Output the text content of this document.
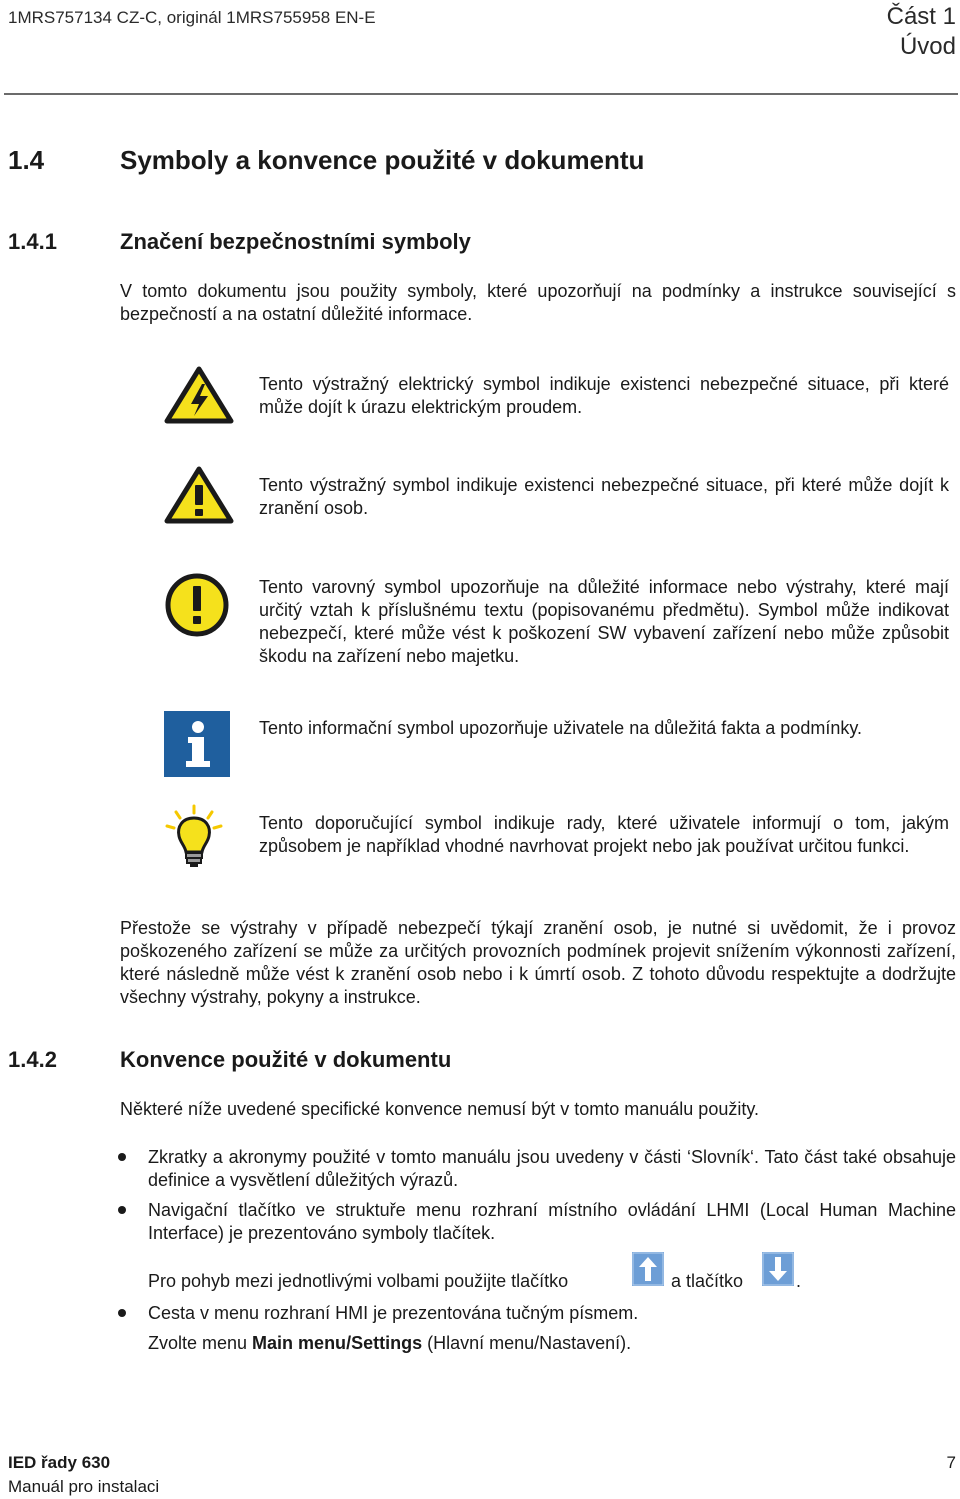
1MRS757134 CZ-C, originál 1MRS755958 EN-E	Část 1
Úvod
1.4	Symboly a konvence použité v dokumentu
1.4.1	Značení bezpečnostními symboly
V tomto dokumentu jsou použity symboly, které upozorňují na podmínky a instrukce související s bezpečností a na ostatní důležité informace.
Tento výstražný elektrický symbol indikuje existenci nebezpečné situace, při které může dojít k úrazu elektrickým proudem.
Tento výstražný symbol indikuje existenci nebezpečné situace, při které může dojít k zranění osob.
Tento varovný symbol upozorňuje na důležité informace nebo výstrahy, které mají určitý vztah k příslušnému textu (popisovanému předmětu). Symbol může indikovat nebezpečí, které může vést k poškození SW vybavení zařízení nebo může způsobit škodu na zařízení nebo majetku.
Tento informační symbol upozorňuje uživatele na důležitá fakta a podmínky.
Tento doporučující symbol indikuje rady, které uživatele informují o tom, jakým způsobem je například vhodné navrhovat projekt nebo jak používat určitou funkci.
Přestože se výstrahy v případě nebezpečí týkají zranění osob, je nutné si uvědomit, že i provoz poškozeného zařízení se může za určitých provozních podmínek projevit snížením výkonnosti zařízení, které následně může vést k zranění osob nebo i k úmrtí osob. Z tohoto důvodu respektujte a dodržujte všechny výstrahy, pokyny a instrukce.
1.4.2	Konvence použité v dokumentu
Některé níže uvedené specifické konvence nemusí být v tomto manuálu použity.
Zkratky a akronymy použité v tomto manuálu jsou uvedeny v části ‘Slovník‘. Tato část také obsahuje definice a vysvětlení důležitých výrazů.
Navigační tlačítko ve struktuře menu rozhraní místního ovládání LHMI (Local Human Machine Interface) je prezentováno symboly tlačítek.
Pro pohyb mezi jednotlivými volbami použijte tlačítko	a tlačítko	.
Cesta v menu rozhraní HMI je prezentována tučným písmem.
Zvolte menu Main menu/Settings (Hlavní menu/Nastavení).
IED řady 630
Manuál pro instalaci
7
